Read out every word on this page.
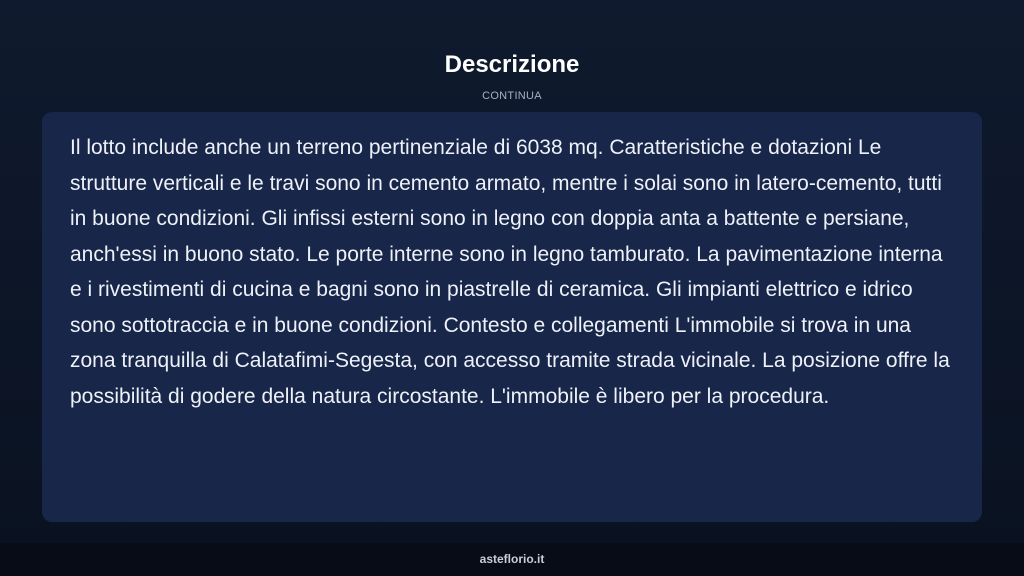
Descrizione
CONTINUA

Il lotto include anche un terreno pertinenziale di 6038 mq. Caratteristiche e dotazioni Le strutture verticali e le travi sono in cemento armato, mentre i solai sono in latero-cemento, tutti in buone condizioni. Gli infissi esterni sono in legno con doppia anta a battente e persiane, anch'essi in buono stato. Le porte interne sono in legno tamburato. La pavimentazione interna e i rivestimenti di cucina e bagni sono in piastrelle di ceramica. Gli impianti elettrico e idrico sono sottotraccia e in buone condizioni. Contesto e collegamenti L'immobile si trova in una zona tranquilla di Calatafimi-Segesta, con accesso tramite strada vicinale. La posizione offre la possibilità di godere della natura circostante. L'immobile è libero per la procedura.

asteflorio.it
